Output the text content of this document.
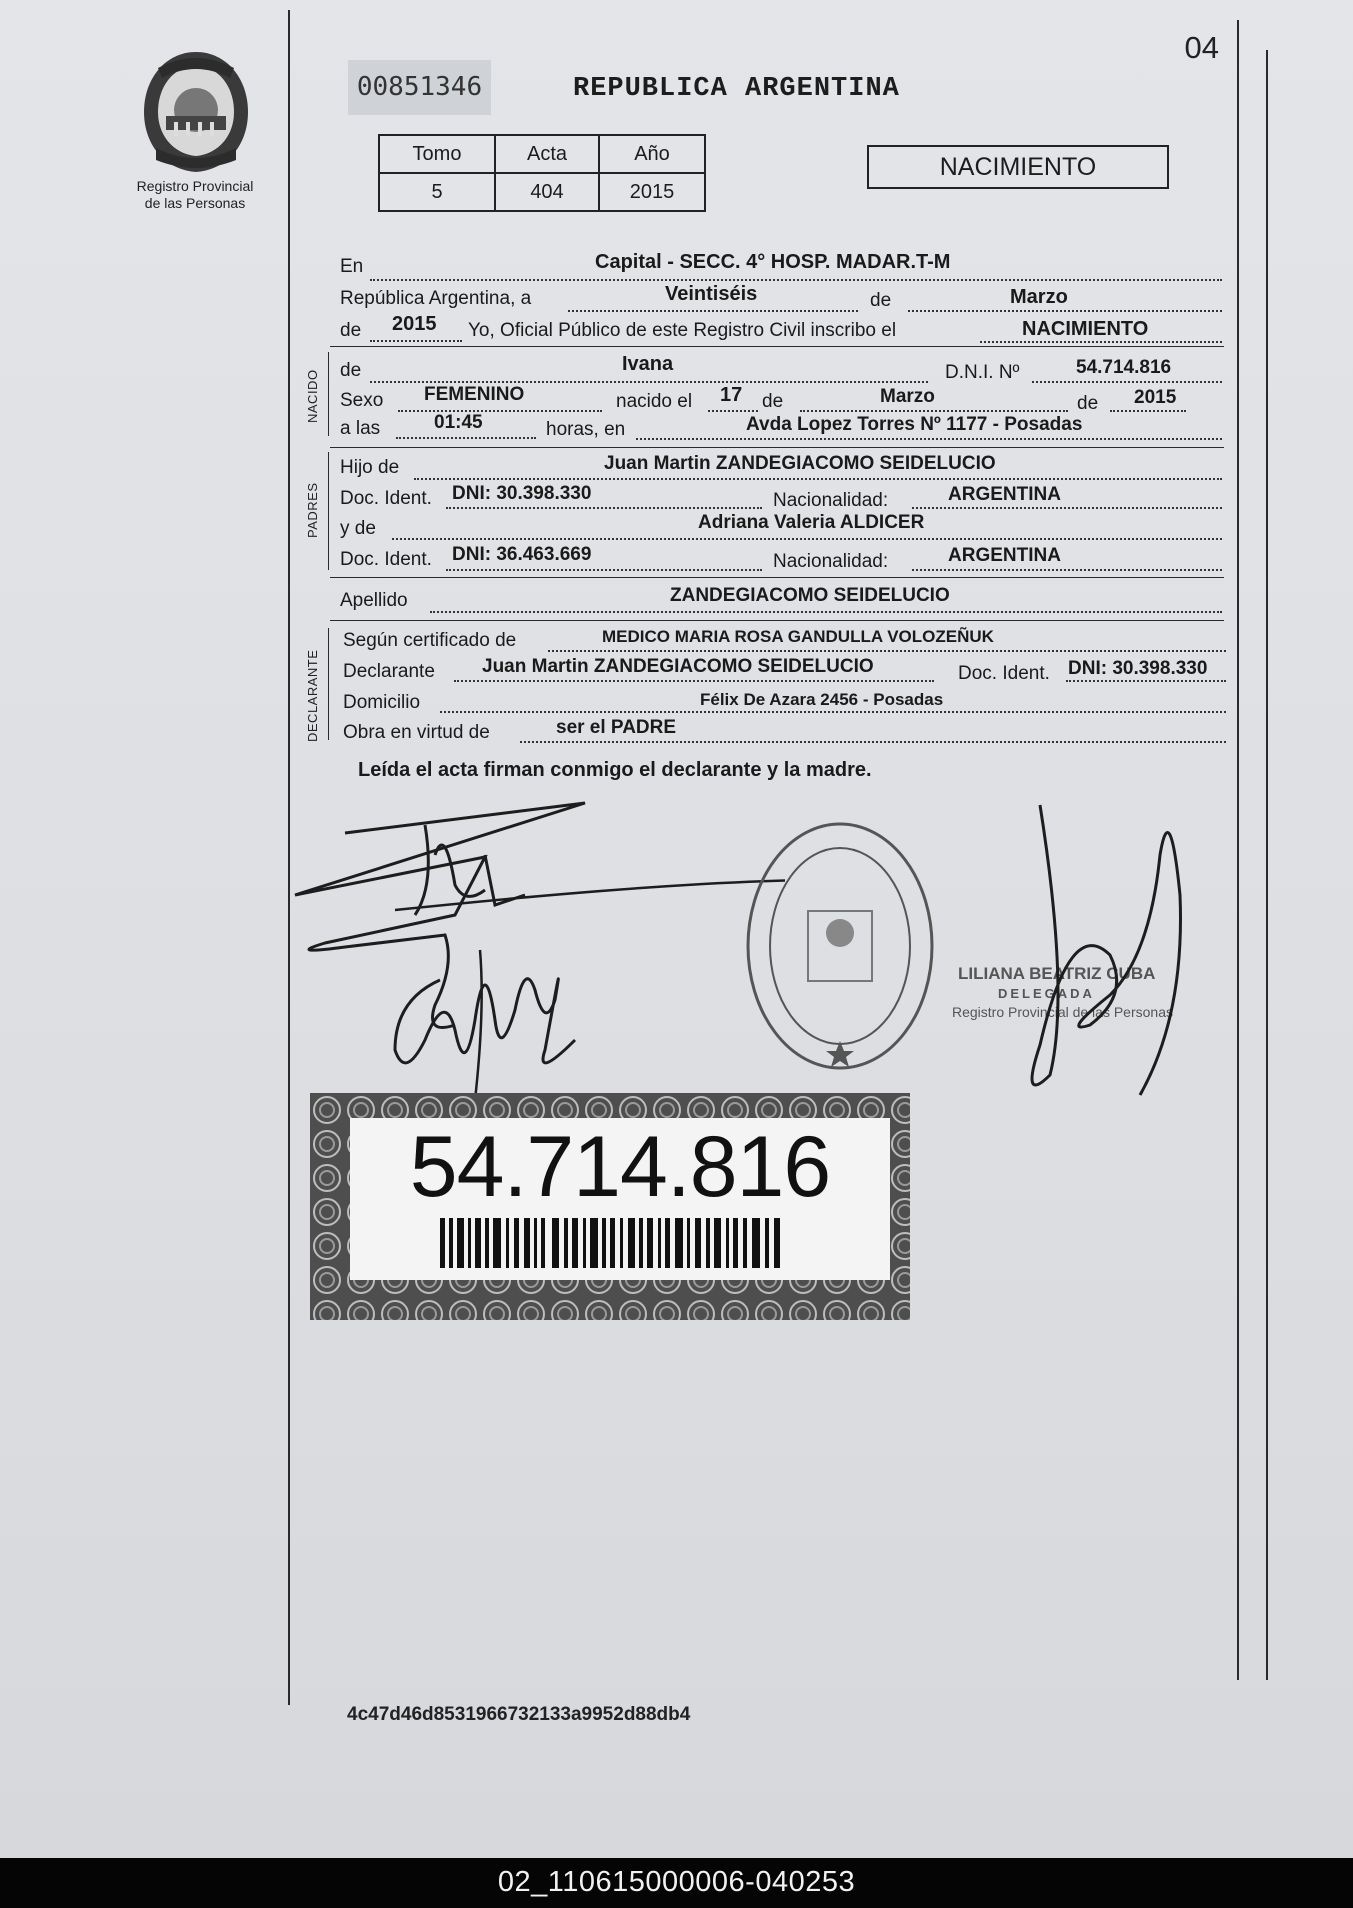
04
Registro Provincial
de las Personas
00851346	REPUBLICA ARGENTINA
Tomo	Acta	Año
5	404	2015
NACIMIENTO
En	Capital - SECC. 4° HOSP. MADAR.T-M
República Argentina, a	Veintiséis	de	Marzo
de 2015 Yo, Oficial Público de este Registro Civil inscribo el	NACIMIENTO
NACIDO de	Ivana	D.N.I. Nº	54.714.816
Sexo FEMENINO	nacido el 17 de	Marzo	de 2015
a las	01:45	horas, en	Avda Lopez Torres Nº 1177 - Posadas
PADRES
Hijo de	Juan Martin ZANDEGIACOMO SEIDELUCIO
Doc. Ident. DNI: 30.398.330	Nacionalidad:	ARGENTINA
y de	Adriana Valeria ALDICER
Doc. Ident. DNI: 36.463.669	Nacionalidad:	ARGENTINA
Apellido	ZANDEGIACOMO SEIDELUCIO
DECLARANTE
Según certificado de	MEDICO MARIA ROSA GANDULLA VOLOZEÑUK
Declarante Juan Martin ZANDEGIACOMO SEIDELUCIO	Doc. Ident. DNI: 30.398.330
Domicilio	Félix De Azara 2456 - Posadas
Obra en virtud de	ser el PADRE
Leída el acta firman conmigo el declarante y la madre.
LILIANA BEATRIZ CUBA
DELEGADA
Registro Provincial de las Personas
54.714.816
4c47d46d8531966732133a9952d88db4
02_110615000006-040253
